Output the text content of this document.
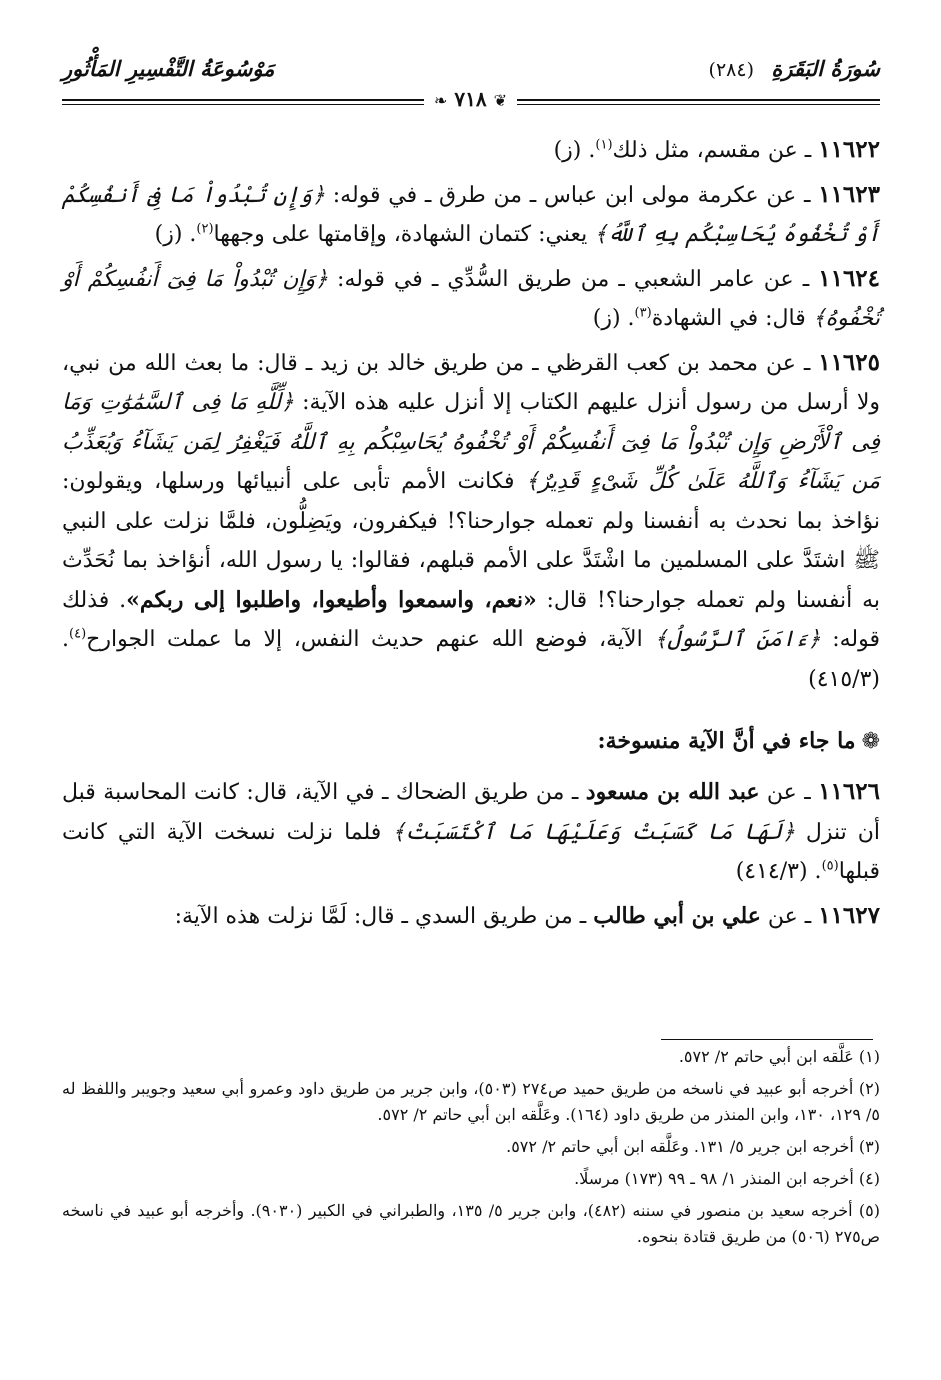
سُورَةُ البَقَرَةِ (٢٨٤)
مَوْسُوعَةُ التَّفْسِيرِ المَأْثُورِ
❦ ٧١٨ ❧

١١٦٢٢ ـ عن مقسم، مثل ذلك$^{(١)}$. (ز)

١١٦٢٣ ـ عن عكرمة مولى ابن عباس ـ من طرق ـ في قوله: ﴿وَإِن تُبْدُواْ مَا فِىٓ أَنفُسِكُمْ أَوْ تُخْفُوهُ يُحَاسِبْكُم بِهِ ٱللَّهُ﴾ يعني: كتمان الشهادة، وإقامتها على وجهها$^{(٢)}$. (ز)

١١٦٢٤ ـ عن عامر الشعبي ـ من طريق السُّدِّي ـ في قوله: ﴿وَإِن تُبْدُواْ مَا فِىٓ أَنفُسِكُمْ أَوْ تُخْفُوهُ﴾ قال: في الشهادة$^{(٣)}$. (ز)

١١٦٢٥ ـ عن محمد بن كعب القرظي ـ من طريق خالد بن زيد ـ قال: ما بعث الله من نبي، ولا أرسل من رسول أنزل عليهم الكتاب إلا أنزل عليه هذه الآية: ﴿لِّلَّهِ مَا فِى ٱلسَّمَٰوَٰتِ وَمَا فِى ٱلْأَرْضِ وَإِن تُبْدُواْ مَا فِىٓ أَنفُسِكُمْ أَوْ تُخْفُوهُ يُحَاسِبْكُم بِهِ ٱللَّهُ فَيَغْفِرُ لِمَن يَشَآءُ وَيُعَذِّبُ مَن يَشَآءُ وَٱللَّهُ عَلَىٰ كُلِّ شَىْءٍ قَدِيرٌ﴾ فكانت الأمم تأبى على أنبيائها ورسلها، ويقولون: نؤاخذ بما نحدث به أنفسنا ولم تعمله جوارحنا؟! فيكفرون، ويَضِلُّون، فلمَّا نزلت على النبي ﷺ اشتَدَّ على المسلمين ما اشْتَدَّ على الأمم قبلهم، فقالوا: يا رسول الله، أنؤاخذ بما نُحَدِّث به أنفسنا ولم تعمله جوارحنا؟! قال: «نعم، واسمعوا وأطيعوا، واطلبوا إلى ربكم». فذلك قوله: ﴿ءَامَنَ ٱلرَّسُولُ﴾ الآية، فوضع الله عنهم حديث النفس، إلا ما عملت الجوارح$^{(٤)}$. (٤١٥/٣)

❁ما جاء في أنَّ الآية منسوخة:

١١٦٢٦ ـ عن عبد الله بن مسعود ـ من طريق الضحاك ـ في الآية، قال: كانت المحاسبة قبل أن تنزل ﴿لَهَا مَا كَسَبَتْ وَعَلَيْهَا مَا ٱكْتَسَبَتْ﴾ فلما نزلت نسخت الآية التي كانت قبلها$^{(٥)}$. (٤١٤/٣)

١١٦٢٧ ـ عن علي بن أبي طالب ـ من طريق السدي ـ قال: لَمَّا نزلت هذه الآية:

(١) عَلَّقه ابن أبي حاتم ٢/ ٥٧٢.

(٢) أخرجه أبو عبيد في ناسخه من طريق حميد ص٢٧٤ (٥٠٣)، وابن جرير من طريق داود وعمرو أبي سعيد وجويبر واللفظ له ٥/ ١٢٩، ١٣٠، وابن المنذر من طريق داود (١٦٤). وعَلَّقه ابن أبي حاتم ٢/ ٥٧٢.

(٣) أخرجه ابن جرير ٥/ ١٣١. وعَلَّقه ابن أبي حاتم ٢/ ٥٧٢.

(٤) أخرجه ابن المنذر ١/ ٩٨ ـ ٩٩ (١٧٣) مرسلًا.

(٥) أخرجه سعيد بن منصور في سننه (٤٨٢)، وابن جرير ٥/ ١٣٥، والطبراني في الكبير (٩٠٣٠). وأخرجه أبو عبيد في ناسخه ص٢٧٥ (٥٠٦) من طريق قتادة بنحوه.
